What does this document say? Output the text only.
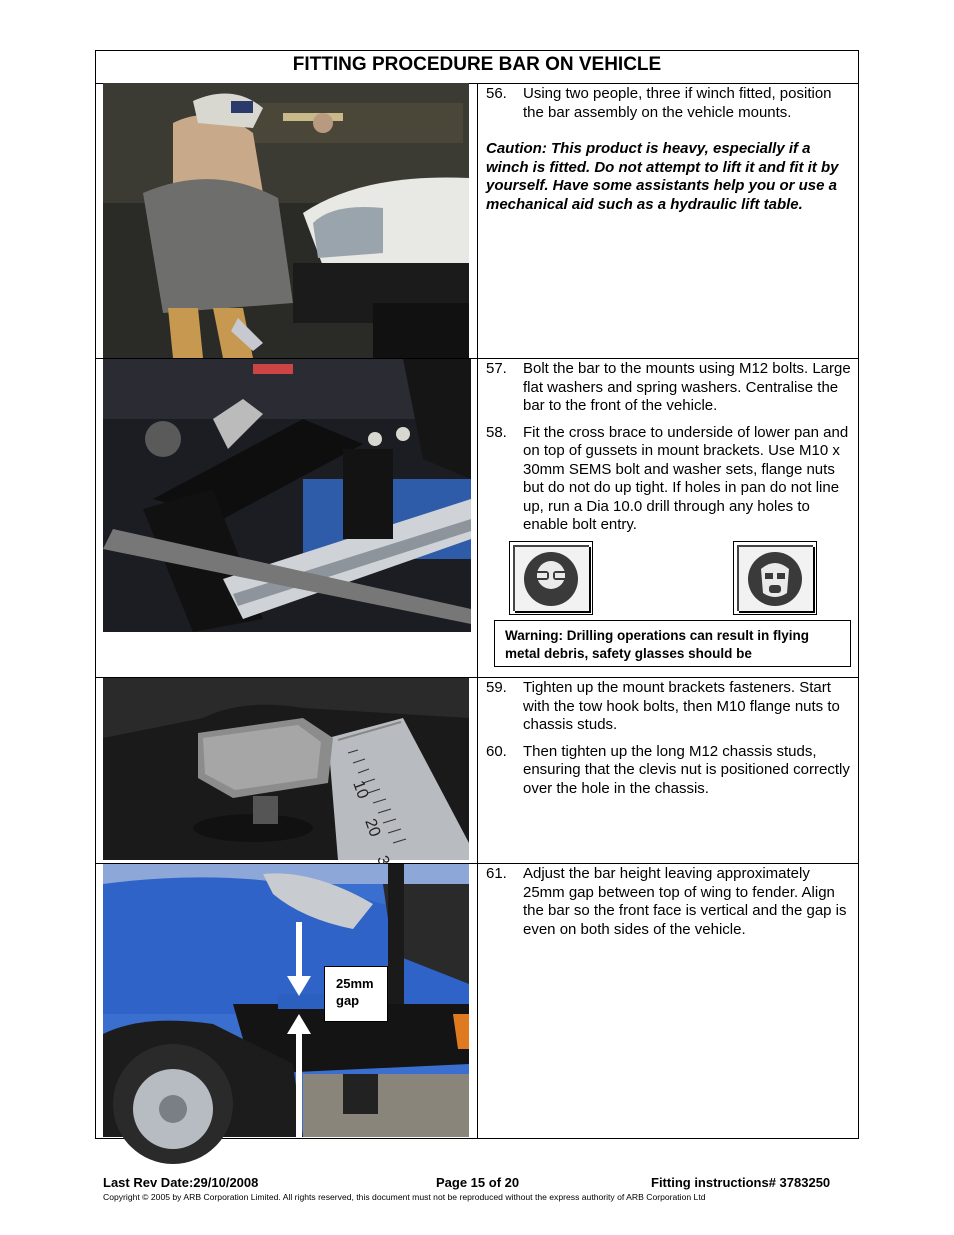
FITTING PROCEDURE BAR ON VEHICLE
10
20
25mm
gap
56.	Using two people, three if winch fitted, position the bar assembly on the vehicle mounts.
Caution: This product is heavy, especially if a winch is fitted. Do not attempt to lift it and fit it by yourself. Have some assistants help you or use a mechanical aid such as a hydraulic lift table.
57.	Bolt the bar to the mounts using M12 bolts. Large flat washers and spring washers. Centralise the bar to the front of the vehicle.
58.	Fit the cross brace to underside of lower pan and on top of gussets in mount brackets. Use M10 x 30mm SEMS bolt and washer sets, flange nuts but do not do up tight. If holes in pan do not line up, run a Dia 10.0 drill through any holes to enable bolt entry.
59.	Tighten up the mount brackets fasteners. Start with the tow hook bolts, then M10 flange nuts to chassis studs.
60.	Then tighten up the long M12 chassis studs, ensuring that the clevis nut is positioned correctly over the hole in the chassis.
61.	Adjust the bar height leaving approximately 25mm gap between top of wing to fender. Align the bar so the front face is vertical and the gap is even on both sides of the vehicle.
Warning: Drilling operations can result in flying metal debris, safety glasses should be
Last Rev Date:29/10/2008	Page 15 of 20	Fitting instructions# 3783250
Copyright © 2005 by ARB Corporation Limited. All rights reserved, this document must not be reproduced without the express authority of ARB Corporation Ltd
